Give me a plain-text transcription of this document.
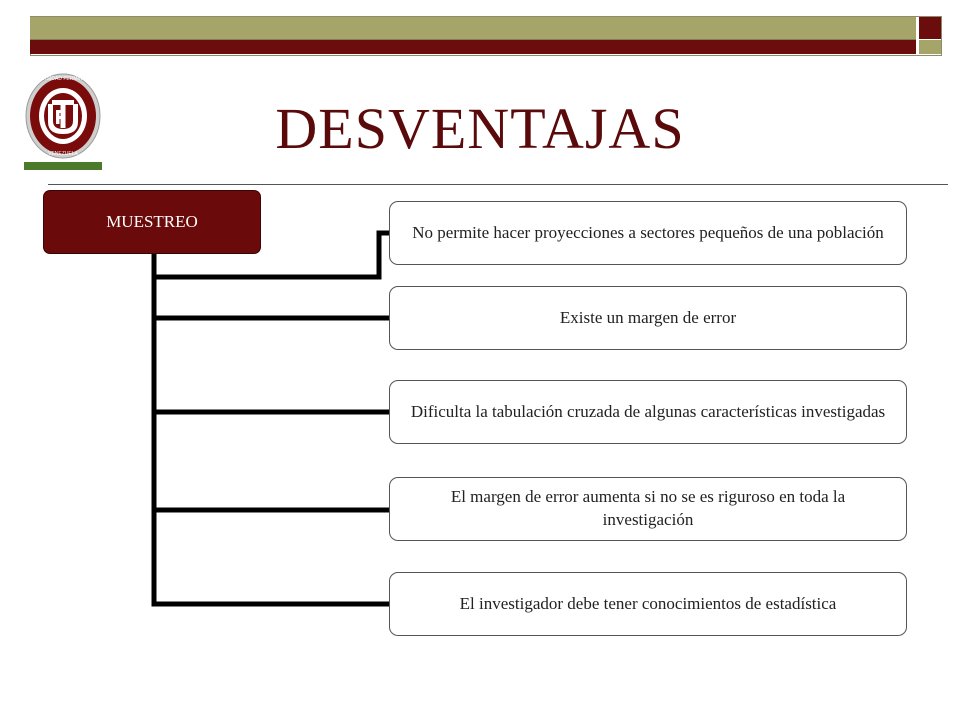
UNIVERSIDAD FERMIN TORO
VENEZUELA	DESVENTAJAS
MUESTREO
No permite hacer proyecciones a sectores pequeños de una población
Existe un margen de error
Dificulta la tabulación cruzada de algunas características investigadas
El margen de error aumenta si no se es riguroso en toda la investigación
El investigador debe tener conocimientos de estadística
